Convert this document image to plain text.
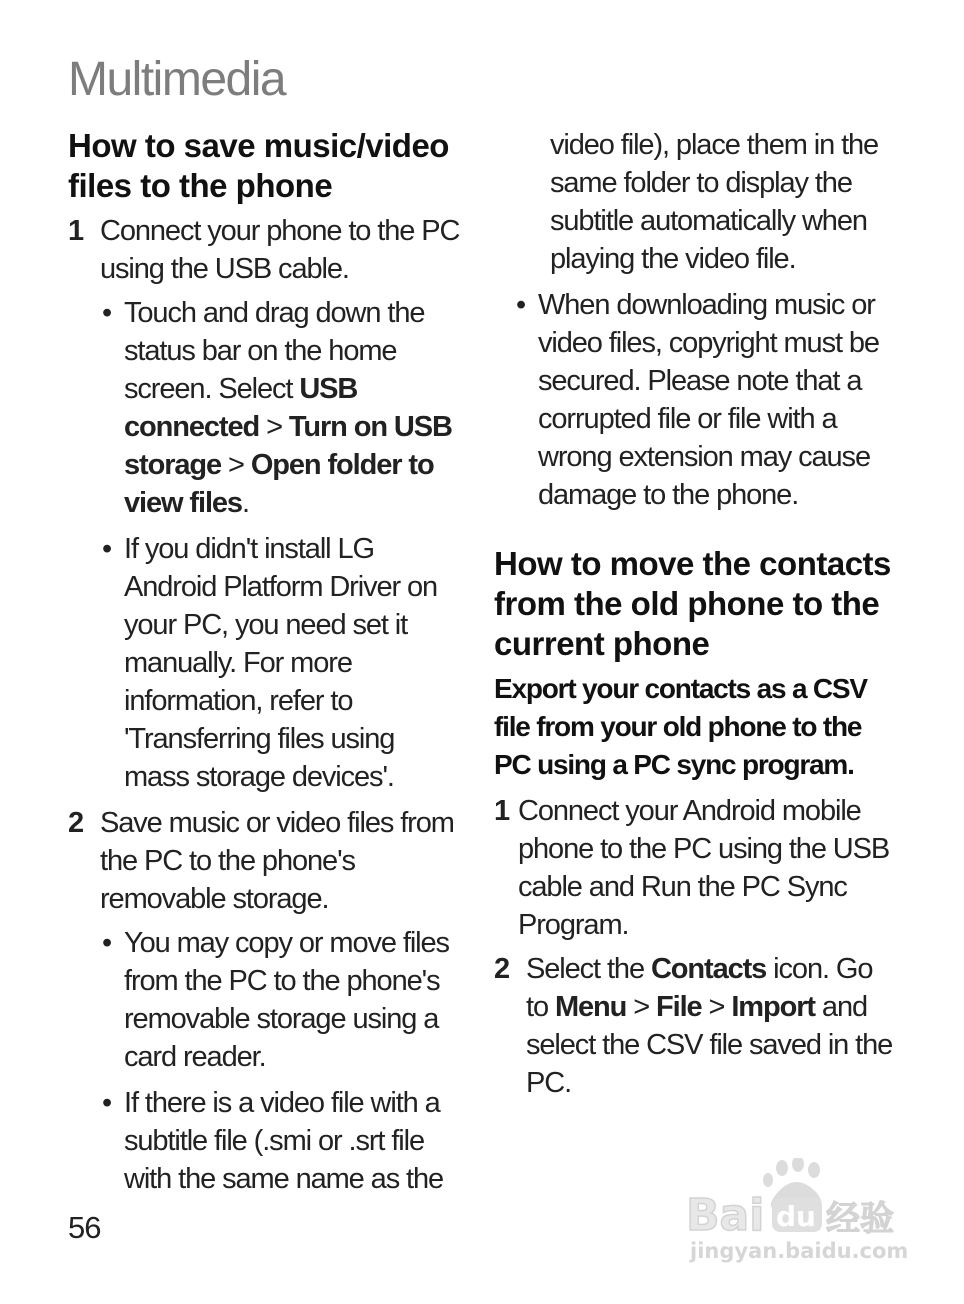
Multimedia
How to save music/video files to the phone
1 Connect your phone to the PC using the USB cable.
• Touch and drag down the status bar on the home screen. Select USB connected > Turn on USB storage > Open folder to view files.
• If you didn't install LG Android Platform Driver on your PC, you need set it manually. For more information, refer to 'Transferring files using mass storage devices'.
2 Save music or video files from the PC to the phone's removable storage.
• You may copy or move files from the PC to the phone's removable storage using a card reader.
• If there is a video file with a subtitle file (.smi or .srt file with the same name as the
video file), place them in the same folder to display the subtitle automatically when playing the video file.
• When downloading music or video files, copyright must be secured. Please note that a corrupted file or file with a wrong extension may cause damage to the phone.
How to move the contacts from the old phone to the current phone
Export your contacts as a CSV file from your old phone to the PC using a PC sync program.
1 Connect your Android mobile phone to the PC using the USB cable and Run the PC Sync Program.
2 Select the Contacts icon. Go to Menu > File > Import and select the CSV file saved in the PC.
56	Bai du 经验
jingyan.baidu.com
